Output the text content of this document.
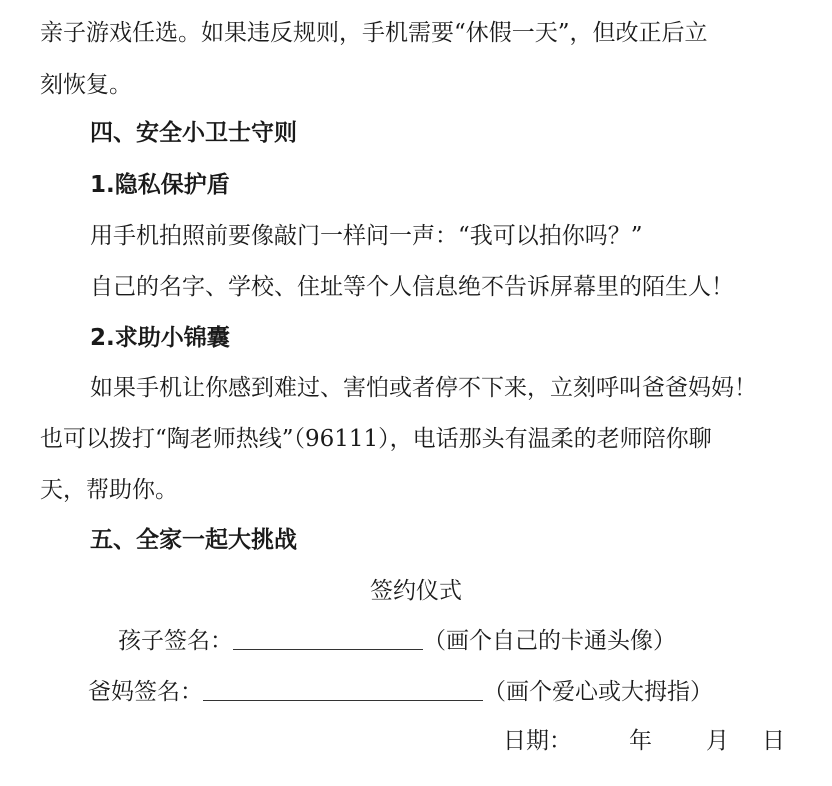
亲子游戏任选。如果违反规则，手机需要“休假一天”，但改正后立
刻恢复。
四、安全小卫士守则
1.隐私保护盾
用手机拍照前要像敲门一样问一声：“我可以拍你吗？”
自己的名字、学校、住址等个人信息绝不告诉屏幕里的陌生人！
2.求助小锦囊
如果手机让你感到难过、害怕或者停不下来，立刻呼叫爸爸妈妈！
也可以拨打“陶老师热线”（96111），电话那头有温柔的老师陪你聊
天，帮助你。
五、全家一起大挑战
签约仪式
孩子签名：	（画个自己的卡通头像）
爸妈签名：	（画个爱心或大拇指）
日期： 年 月 日
